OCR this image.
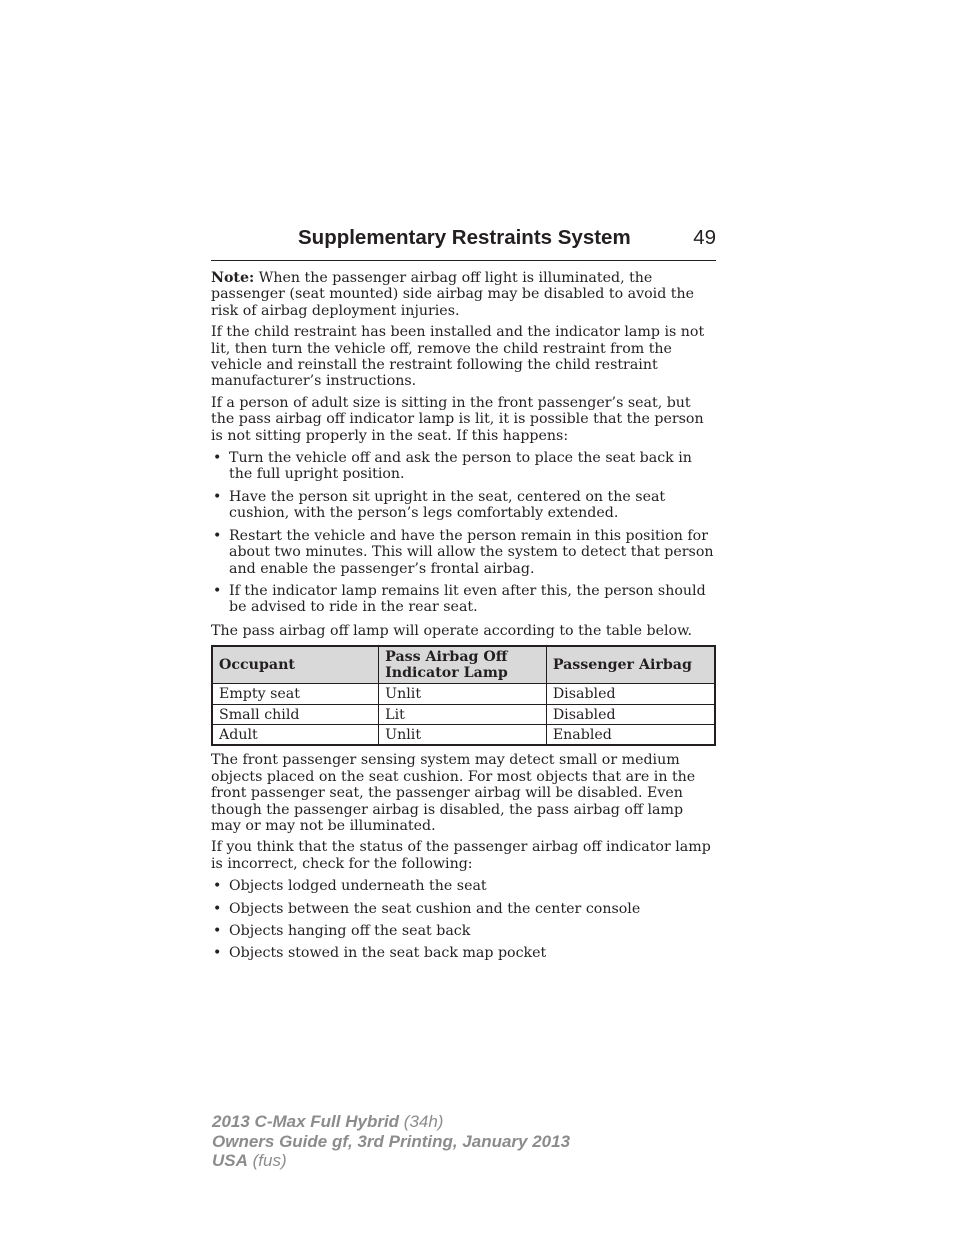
Supplementary Restraints System	49

Note: When the passenger airbag off light is illuminated, the passenger (seat mounted) side airbag may be disabled to avoid the risk of airbag deployment injuries.

If the child restraint has been installed and the indicator lamp is not lit, then turn the vehicle off, remove the child restraint from the vehicle and reinstall the restraint following the child restraint manufacturer’s instructions.

If a person of adult size is sitting in the front passenger’s seat, but the pass airbag off indicator lamp is lit, it is possible that the person is not sitting properly in the seat. If this happens:

• Turn the vehicle off and ask the person to place the seat back in the full upright position.
• Have the person sit upright in the seat, centered on the seat cushion, with the person’s legs comfortably extended.
• Restart the vehicle and have the person remain in this position for about two minutes. This will allow the system to detect that person and enable the passenger’s frontal airbag.
• If the indicator lamp remains lit even after this, the person should be advised to ride in the rear seat.

The pass airbag off lamp will operate according to the table below.

Occupant	Pass Airbag Off Indicator Lamp	Passenger Airbag
Empty seat	Unlit	Disabled
Small child	Lit	Disabled
Adult	Unlit	Enabled

The front passenger sensing system may detect small or medium objects placed on the seat cushion. For most objects that are in the front passenger seat, the passenger airbag will be disabled. Even though the passenger airbag is disabled, the pass airbag off lamp may or may not be illuminated.

If you think that the status of the passenger airbag off indicator lamp is incorrect, check for the following:

• Objects lodged underneath the seat
• Objects between the seat cushion and the center console
• Objects hanging off the seat back
• Objects stowed in the seat back map pocket
2013 C-Max Full Hybrid (34h)
Owners Guide gf, 3rd Printing, January 2013
USA (fus)
